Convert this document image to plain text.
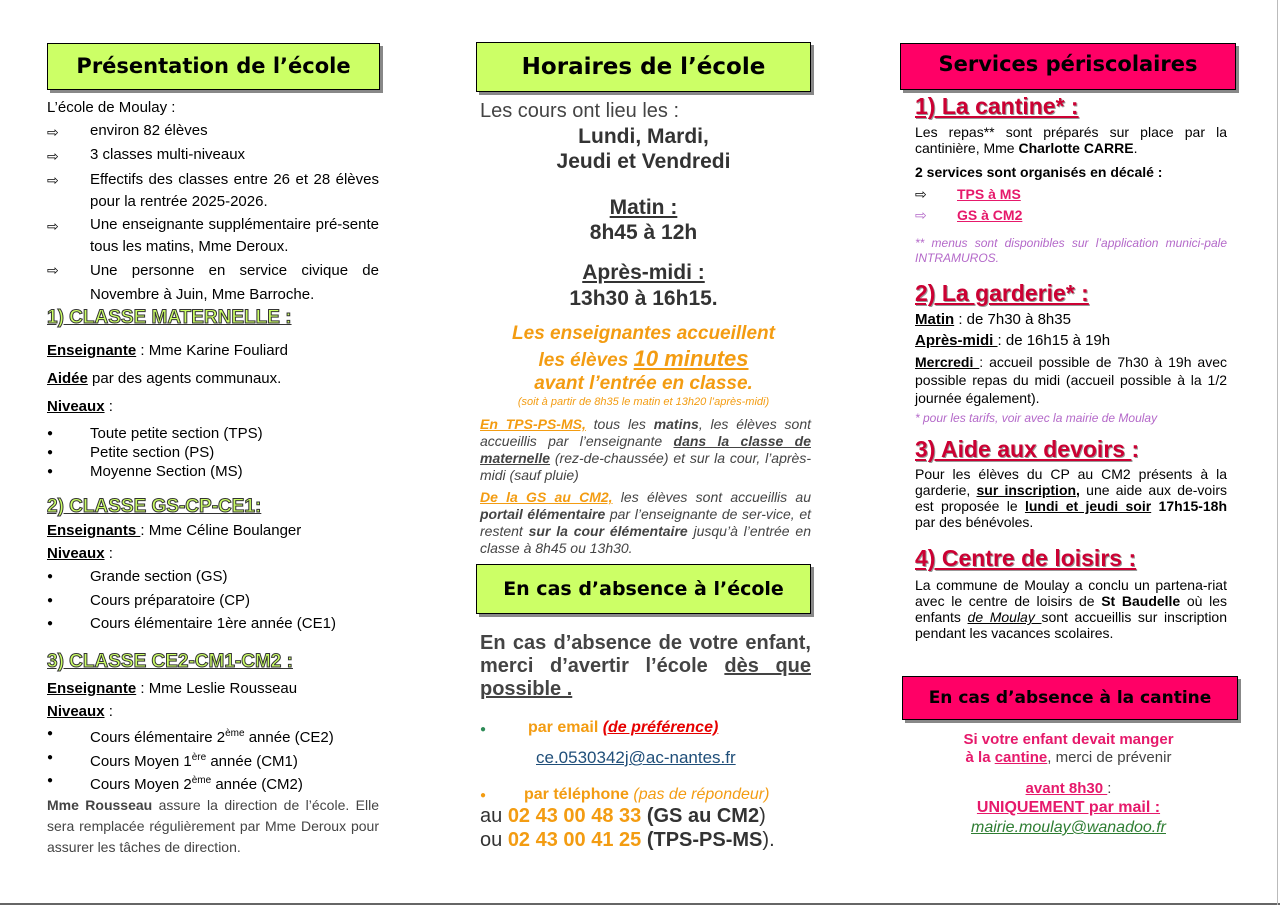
Présentation de l’école
L’école de Moulay :
⇨ environ 82 élèves
⇨ 3 classes multi-niveaux
⇨ Effectifs des classes entre 26 et 28 élèves pour la rentrée 2025-2026.
⇨ Une enseignante supplémentaire pré-sente tous les matins, Mme Deroux.
⇨ Une personne en service civique de Novembre à Juin, Mme Barroche.
1) CLASSE MATERNELLE :
Enseignante : Mme Karine Fouliard
Aidée par des agents communaux.
Niveaux :
● Toute petite section (TPS)
● Petite section (PS)
● Moyenne Section (MS)
2) CLASSE GS-CP-CE1:
Enseignants : Mme Céline Boulanger
Niveaux :
● Grande section (GS)
● Cours préparatoire (CP)
● Cours élémentaire 1ère année (CE1)
3) CLASSE CE2-CM1-CM2 :
Enseignante : Mme Leslie Rousseau
Niveaux :
● Cours élémentaire 2ème année (CE2)
● Cours Moyen 1ère année (CM1)
● Cours Moyen 2ème année (CM2)
Mme Rousseau assure la direction de l’école. Elle sera remplacée régulièrement par Mme Deroux pour assurer les tâches de direction.
Horaires de l’école
Les cours ont lieu les :
Lundi, Mardi,
Jeudi et Vendredi
Matin :
8h45 à 12h
Après-midi :
13h30 à 16h15.
Les enseignantes accueillent
les élèves 10 minutes
avant l’entrée en classe.
(soit à partir de 8h35 le matin et 13h20 l’après-midi)
En TPS-PS-MS, tous les matins, les élèves sont accueillis par l’enseignante dans la classe de maternelle (rez-de-chaussée) et sur la cour, l’après-midi (sauf pluie)
De la GS au CM2, les élèves sont accueillis au portail élémentaire par l’enseignante de ser-vice, et restent sur la cour élémentaire jusqu’à l’entrée en classe à 8h45 ou 13h30.
En cas d’absence à l’école
En cas d’absence de votre enfant, merci d’avertir l’école dès que possible .
●	par email (de préférence)
ce.0530342j@ac-nantes.fr
● par téléphone (pas de répondeur)
au 02 43 00 48 33 (GS au CM2)
ou 02 43 00 41 25 (TPS-PS-MS).
Services périscolaires
1) La cantine* :
Les repas** sont préparés sur place par la cantinière, Mme Charlotte CARRE.
2 services sont organisés en décalé :
⇨ TPS à MS
⇨ GS à CM2
** menus sont disponibles sur l’application munici-pale INTRAMUROS.
2) La garderie* :
Matin : de 7h30 à 8h35
Après-midi : de 16h15 à 19h
Mercredi : accueil possible de 7h30 à 19h avec possible repas du midi (accueil possible à la 1/2 journée également).
* pour les tarifs, voir avec la mairie de Moulay
3) Aide aux devoirs :
Pour les élèves du CP au CM2 présents à la garderie, sur inscription, une aide aux de-voirs est proposée le lundi et jeudi soir 17h15-18h par des bénévoles.
4) Centre de loisirs :
La commune de Moulay a conclu un partena-riat avec le centre de loisirs de St Baudelle où les enfants de Moulay sont accueillis sur inscription pendant les vacances scolaires.
En cas d’absence à la cantine
Si votre enfant devait manger
à la cantine, merci de prévenir
avant 8h30 :
UNIQUEMENT par mail :
mairie.moulay@wanadoo.fr
